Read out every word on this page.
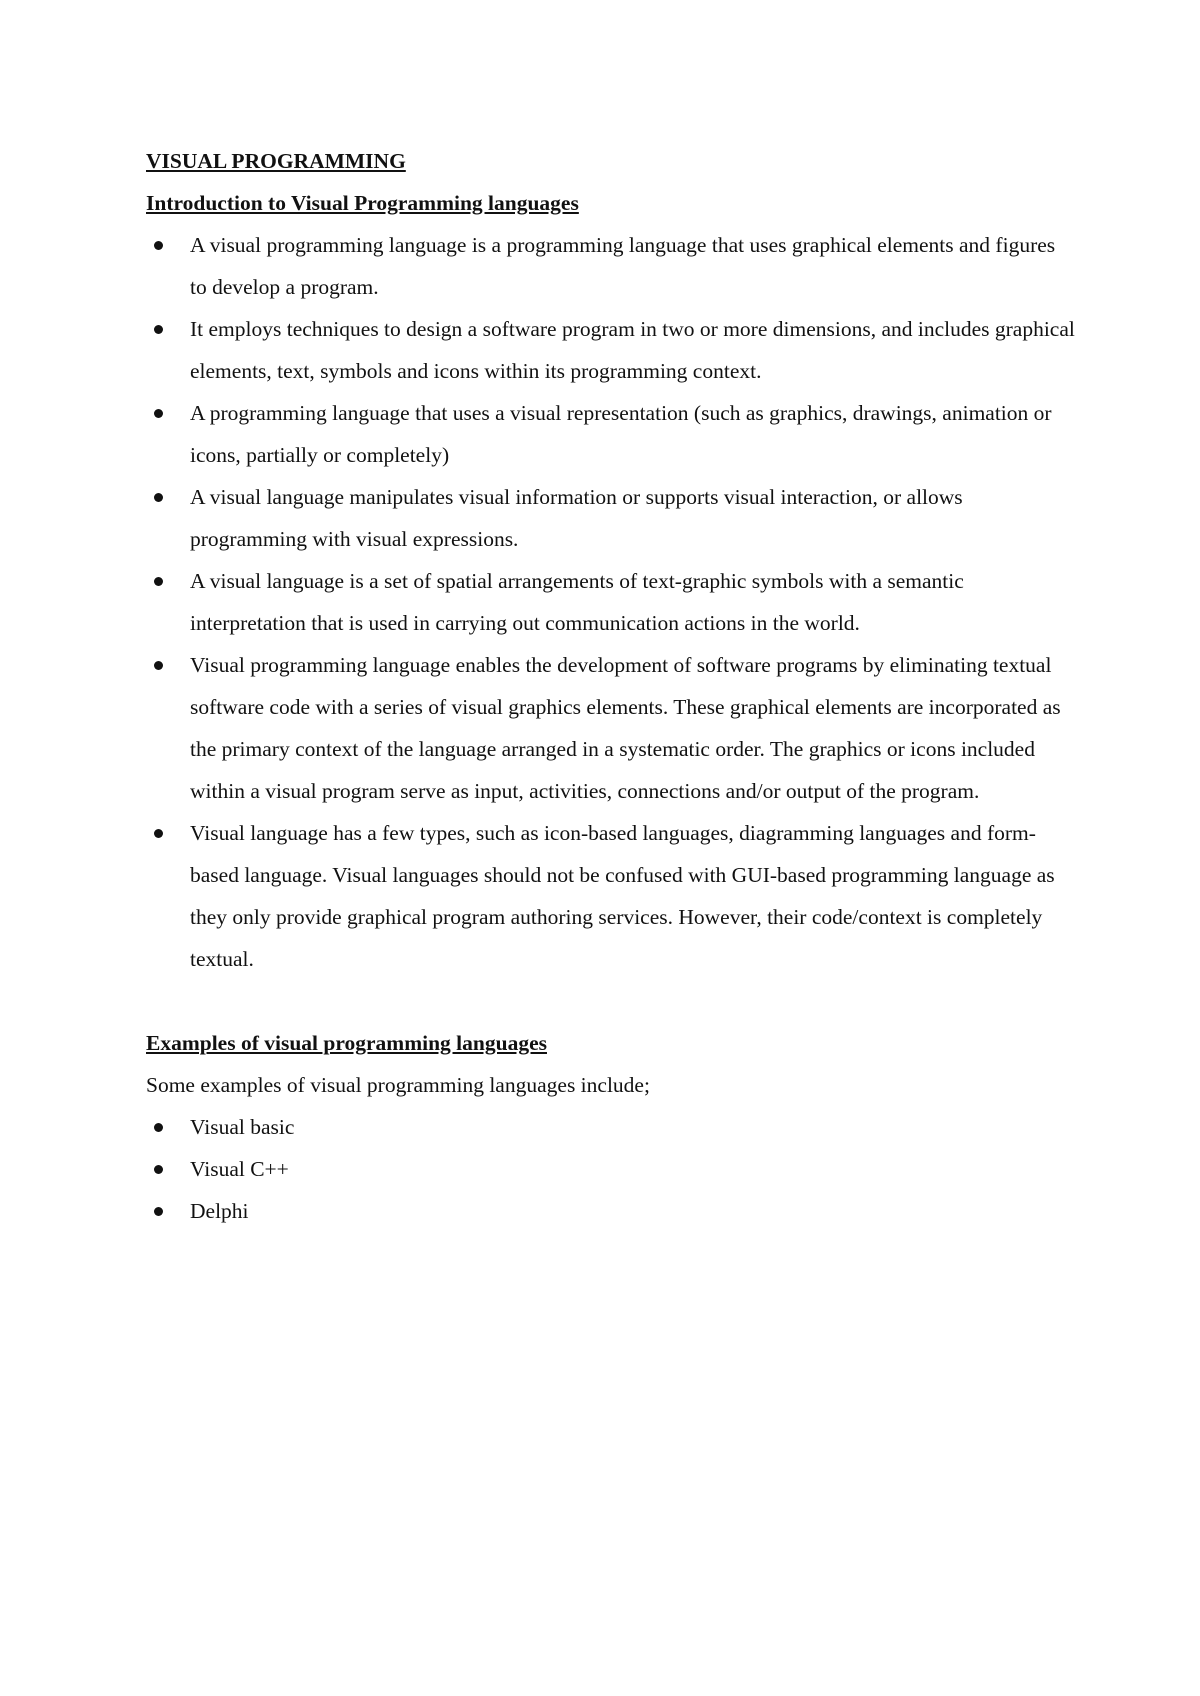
VISUAL PROGRAMMING
Introduction to Visual Programming languages
A visual programming language is a programming language that uses graphical elements and figures to develop a program.
It employs techniques to design a software program in two or more dimensions, and includes graphical elements, text, symbols and icons within its programming context.
A programming language that uses a visual representation (such as graphics, drawings, animation or icons, partially or completely)
A visual language manipulates visual information or supports visual interaction, or allows programming with visual expressions.
A visual language is a set of spatial arrangements of text-graphic symbols with a semantic interpretation that is used in carrying out communication actions in the world.
Visual programming language enables the development of software programs by eliminating textual software code with a series of visual graphics elements. These graphical elements are incorporated as the primary context of the language arranged in a systematic order. The graphics or icons included within a visual program serve as input, activities, connections and/or output of the program.
Visual language has a few types, such as icon-based languages, diagramming languages and form-based language. Visual languages should not be confused with GUI-based programming language as they only provide graphical program authoring services. However, their code/context is completely textual.
Examples of visual programming languages

Some examples of visual programming languages include;

Visual basic
Visual C++
Delphi
